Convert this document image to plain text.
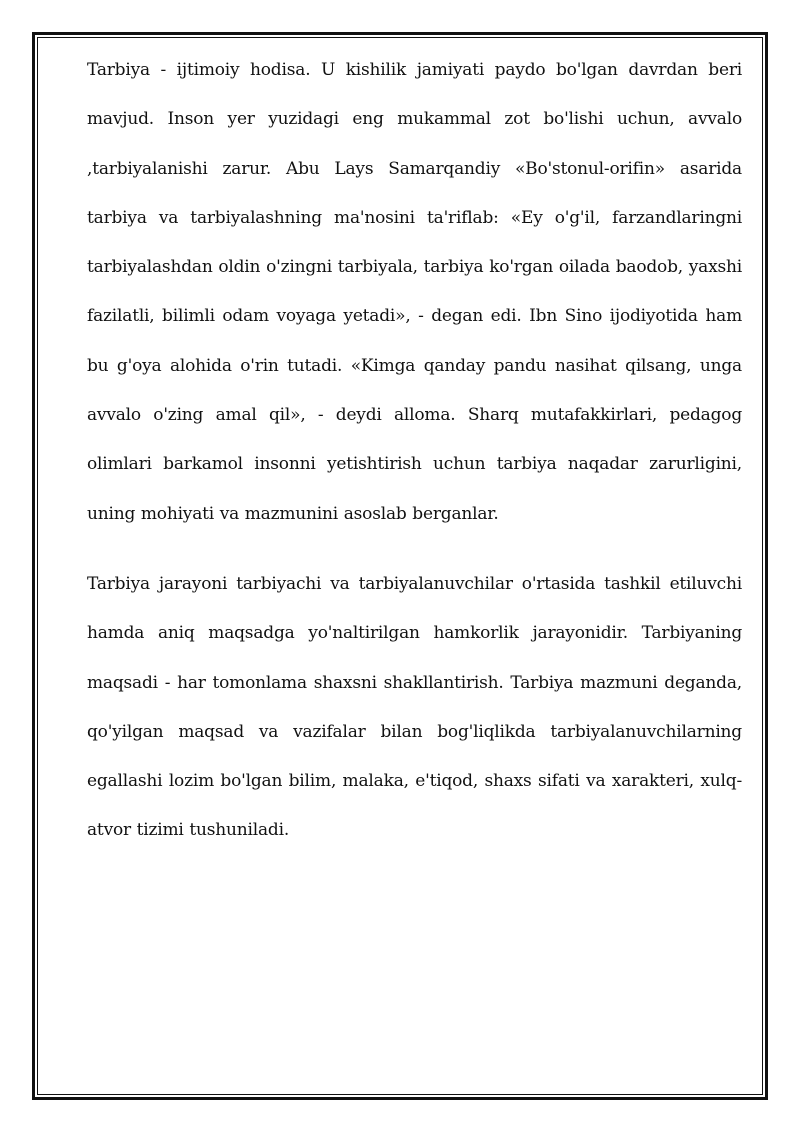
Tarbiya - ijtimoiy hodisa. U kishilik jamiyati paydo bo'lgan davrdan beri mavjud. Inson yer yuzidagi eng mukammal zot bo'lishi uchun, avvalo ,tarbiyalanishi zarur. Abu Lays Samarqandiy «Bo'stonul-orifin» asarida tarbiya va tarbiyalashning ma'nosini ta'riflab: «Ey o'g'il, farzandlaringni tarbiyalashdan oldin o'zingni tarbiyala, tarbiya ko'rgan oilada baodob, yaxshi fazilatli, bilimli odam voyaga yetadi», - degan edi. Ibn Sino ijodiyotida ham bu g'oya alohida o'rin tutadi. «Kimga qanday pandu nasihat qilsang, unga avvalo o'zing amal qil», - deydi alloma. Sharq mutafakkirlari, pedagog olimlari barkamol insonni yetishtirish uchun tarbiya naqadar zarurligini, uning mohiyati va mazmunini asoslab berganlar.

Tarbiya jarayoni tarbiyachi va tarbiyalanuvchilar o'rtasida tashkil etiluvchi hamda aniq maqsadga yo'naltirilgan hamkorlik jarayonidir. Tarbiyaning maqsadi - har tomonlama shaxsni shakllantirish. Tarbiya mazmuni deganda, qo'yilgan maqsad va vazifalar bilan bog'liqlikda tarbiyalanuvchilarning egallashi lozim bo'lgan bilim, malaka, e'tiqod, shaxs sifati va xarakteri, xulq-atvor tizimi tushuniladi.
